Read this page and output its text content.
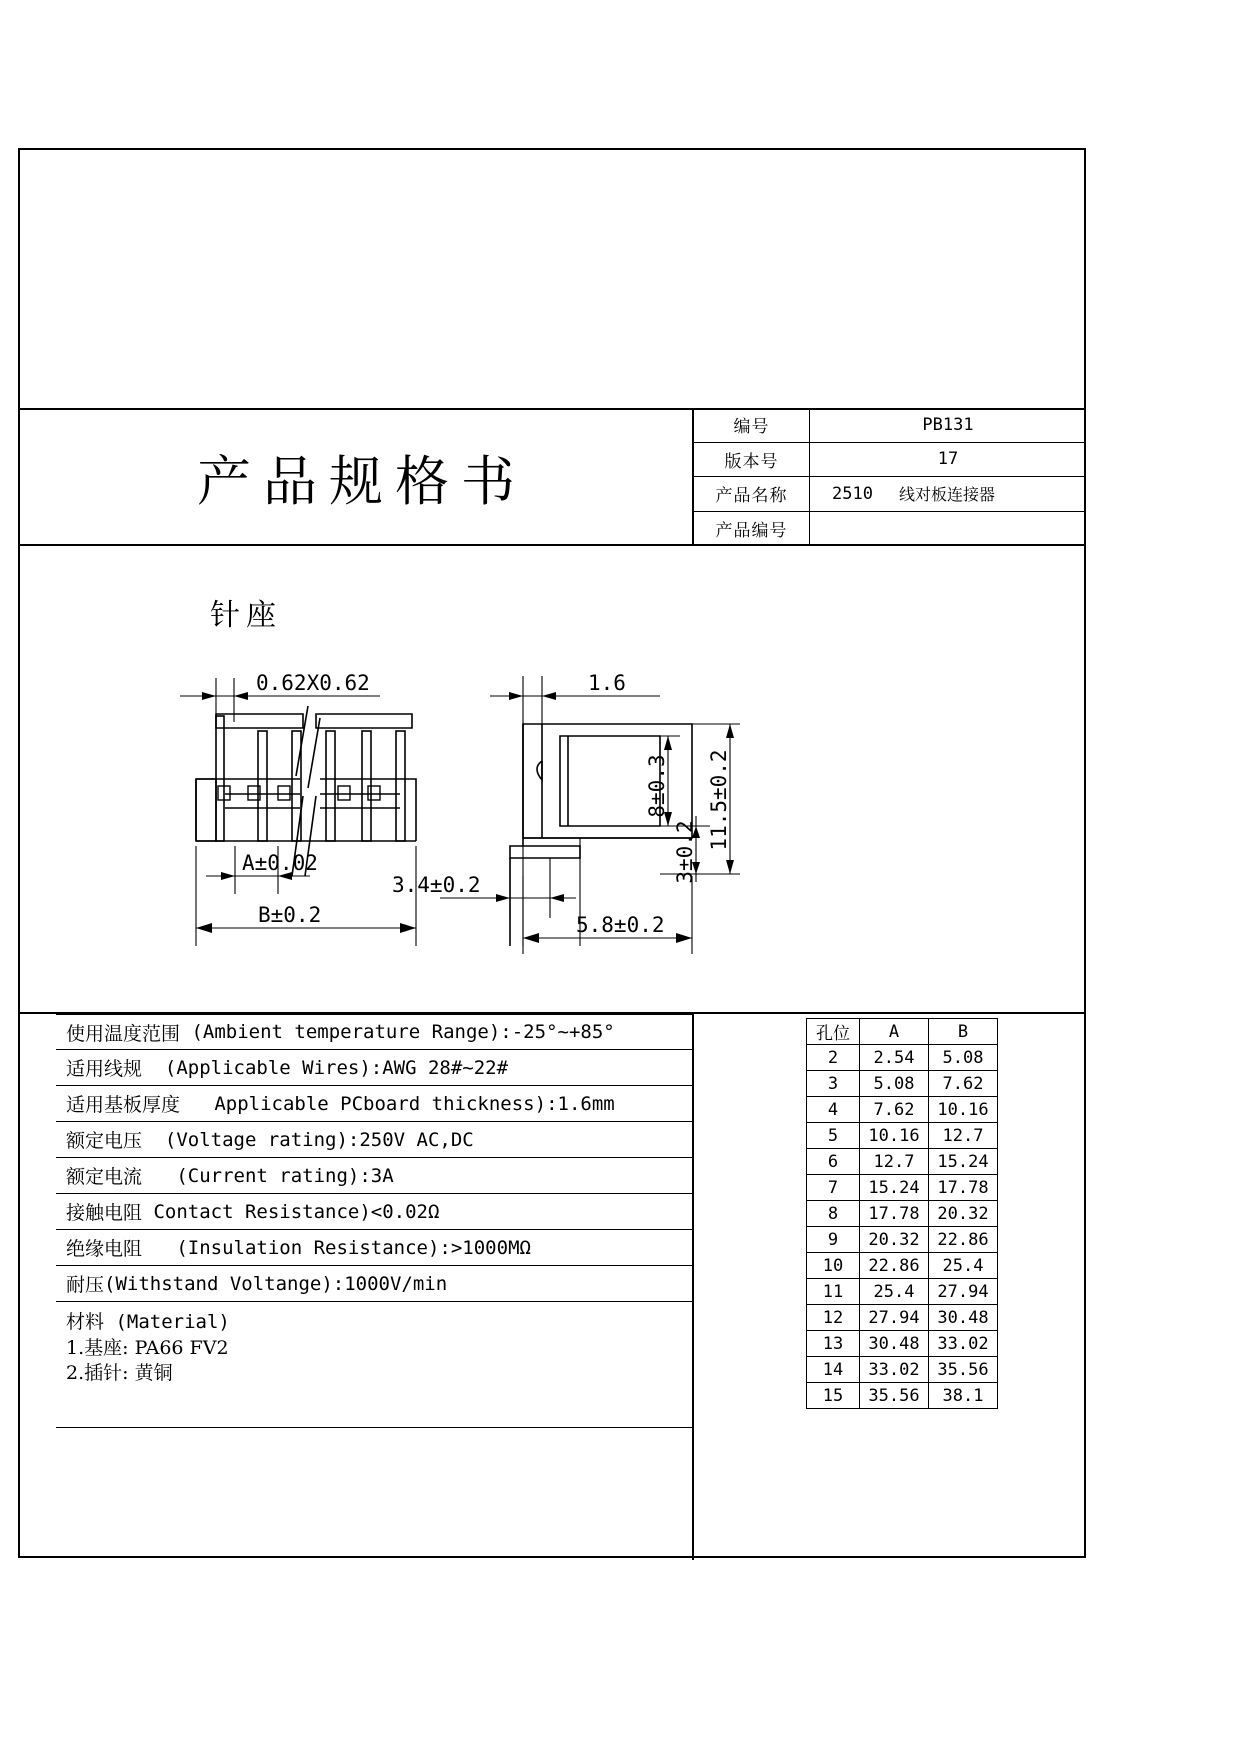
产品规格书
编号	PB131
版本号	17
产品名称	2510 线对板连接器
产品编号
针座
0.62X0.62
A±0.02
B±0.2
1.6
3.4±0.2
5.8±0.2
8±0.3
3±0.2
11.5±0.2
使用温度范围 (Ambient temperature Range):-25°~+85°
适用线规 (Applicable Wires):AWG 28#~22#
适用基板厚度 Applicable PCboard thickness):1.6mm
额定电压 (Voltage rating):250V AC,DC
额定电流 (Current rating):3A
接触电阻 Contact Resistance)<0.02Ω
绝缘电阻 (Insulation Resistance):>1000MΩ
耐压 (Withstand Voltange):1000V/min
材料 (Material)
1.基座: PA66 FV2
2.插针: 黄铜
孔位	A	B
2	2.54	5.08
3	5.08	7.62
4	7.62	10.16
5	10.16	12.7
6	12.7	15.24
7	15.24	17.78
8	17.78	20.32
9	20.32	22.86
10	22.86	25.4
11	25.4	27.94
12	27.94	30.48
13	30.48	33.02
14	33.02	35.56
15	35.56	38.1
